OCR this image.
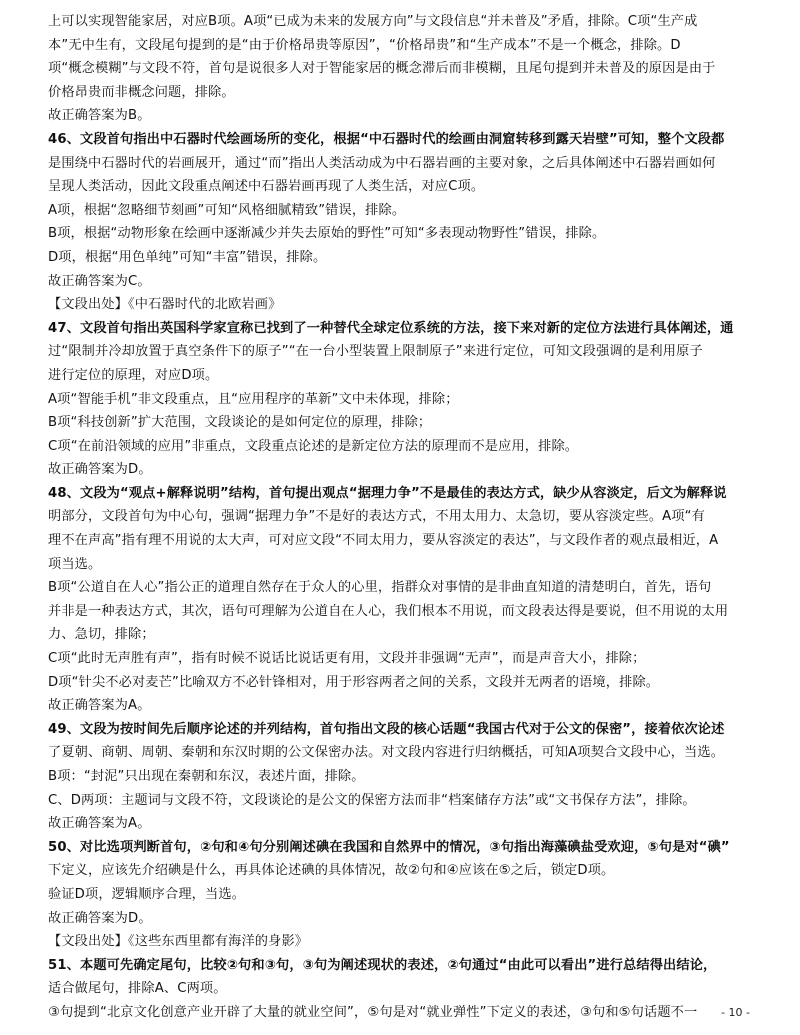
上可以实现智能家居，对应B项。A项“已成为未来的发展方向”与文段信息“并未普及”矛盾，排除。C项“生产成
本”无中生有，文段尾句提到的是“由于价格昂贵等原因”，“价格昂贵”和“生产成本”不是一个概念，排除。D
项“概念模糊”与文段不符，首句是说很多人对于智能家居的概念滞后而非模糊，且尾句提到并未普及的原因是由于
价格昂贵而非概念问题，排除。
故正确答案为B。
46、文段首句指出中石器时代绘画场所的变化，根据“中石器时代的绘画由洞窟转移到露天岩壁”可知，整个文段都
是围绕中石器时代的岩画展开，通过“而”指出人类活动成为中石器岩画的主要对象，之后具体阐述中石器岩画如何
呈现人类活动，因此文段重点阐述中石器岩画再现了人类生活，对应C项。
A项，根据“忽略细节刻画”可知“风格细腻精致”错误，排除。
B项，根据“动物形象在绘画中逐渐减少并失去原始的野性”可知“多表现动物野性”错误，排除。
D项，根据“用色单纯”可知“丰富”错误，排除。
故正确答案为C。
【文段出处】《中石器时代的北欧岩画》
47、文段首句指出英国科学家宣称已找到了一种替代全球定位系统的方法，接下来对新的定位方法进行具体阐述，通
过“限制并冷却放置于真空条件下的原子”“在一台小型装置上限制原子”来进行定位，可知文段强调的是利用原子
进行定位的原理，对应D项。
A项“智能手机”非文段重点，且“应用程序的革新”文中未体现，排除；
B项“科技创新”扩大范围，文段谈论的是如何定位的原理，排除；
C项“在前沿领域的应用”非重点，文段重点论述的是新定位方法的原理而不是应用，排除。
故正确答案为D。
48、文段为“观点+解释说明”结构，首句提出观点“据理力争”不是最佳的表达方式，缺少从容淡定，后文为解释说
明部分，文段首句为中心句，强调“据理力争”不是好的表达方式，不用太用力、太急切，要从容淡定些。A项“有
理不在声高”指有理不用说的太大声，可对应文段“不同太用力，要从容淡定的表达”，与文段作者的观点最相近，A
项当选。
B项“公道自在人心”指公正的道理自然存在于众人的心里，指群众对事情的是非曲直知道的清楚明白，首先，语句
并非是一种表达方式，其次，语句可理解为公道自在人心，我们根本不用说，而文段表达得是要说，但不用说的太用
力、急切，排除；
C项“此时无声胜有声”，指有时候不说话比说话更有用，文段并非强调“无声”，而是声音大小，排除；
D项“针尖不必对麦芒”比喻双方不必针锋相对，用于形容两者之间的关系，文段并无两者的语境，排除。
故正确答案为A。
49、文段为按时间先后顺序论述的并列结构，首句指出文段的核心话题“我国古代对于公文的保密”，接着依次论述
了夏朝、商朝、周朝、秦朝和东汉时期的公文保密办法。对文段内容进行归纳概括，可知A项契合文段中心，当选。
B项：“封泥”只出现在秦朝和东汉，表述片面，排除。
C、D两项：主题词与文段不符，文段谈论的是公文的保密方法而非“档案储存方法”或“文书保存方法”，排除。
故正确答案为A。
50、对比选项判断首句，②句和④句分别阐述碘在我国和自然界中的情况，③句指出海藻碘盐受欢迎，⑤句是对“碘”
下定义，应该先介绍碘是什么，再具体论述碘的具体情况，故②句和④应该在⑤之后，锁定D项。
验证D项，逻辑顺序合理，当选。
故正确答案为D。
【文段出处】《这些东西里都有海洋的身影》
51、本题可先确定尾句，比较②句和③句，③句为阐述现状的表述，②句通过“由此可以看出”进行总结得出结论，
适合做尾句，排除A、C两项。
③句提到“北京文化创意产业开辟了大量的就业空间”，⑤句是对“就业弹性”下定义的表述，③句和⑤句话题不一	- 10 -
